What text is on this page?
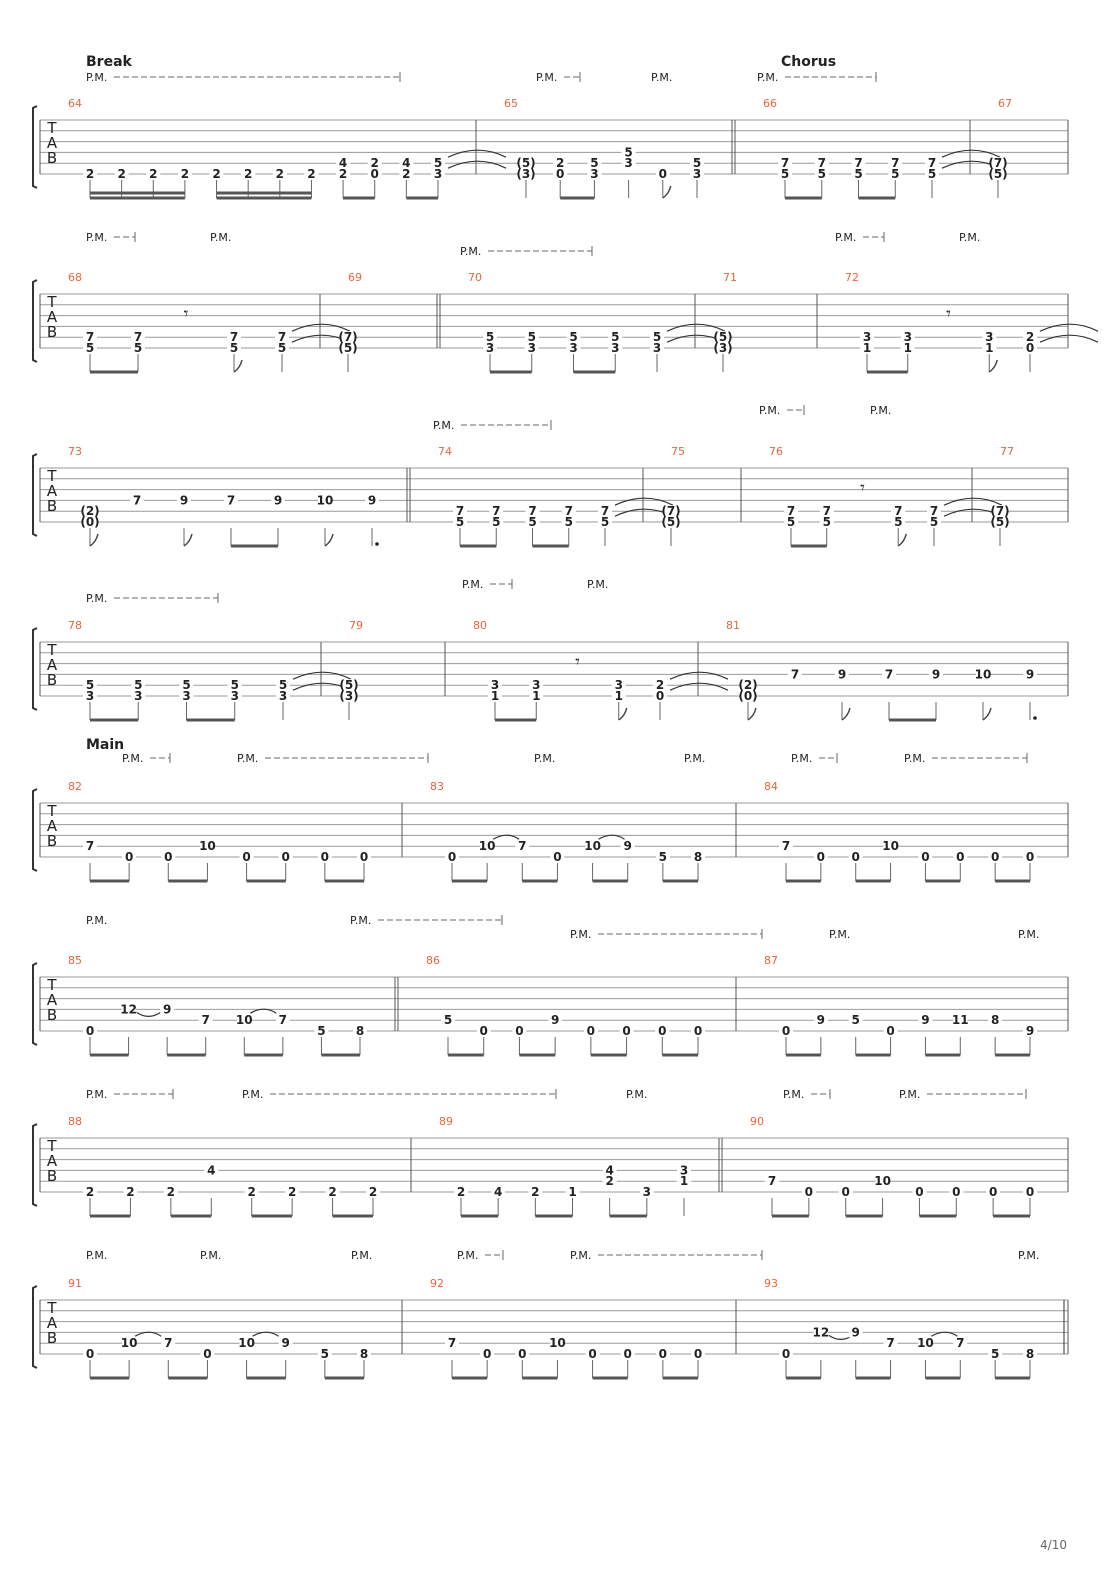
T
A
B
64
Break
2 2 2 2 2 2 2 2
4
2
2
0
4
2
5
3
65
(5)
(3)
2
0
5
3
5
3
0
5
3
66
Chorus
7
5
7
5
7
5
7
5
7
5
67
(7)
(5)
P.M.	P.M.	P.M.	P.M.
T
A
B
68
7
5
7
5
𝄾
7
5
7
5
69
(7)
(5)
70
5
3
5
3
5
3
5
3
5
3
71
(5)
(3)
72
3
1
3
1
𝄾
3
1
2
0
P.M.	P.M.
P.M.
P.M.	P.M.
T
A
B
73
(2)
(0)
7	9	7	9	10	9
74
7
5
7
5
7
5
7
5
7
5
75
(7)
(5)
76
7
5
7
5
𝄾
7
5
7
5
77
(7)
(5)
P.M.
P.M.	P.M.
T
A
B
78
5
3
5
3
5
3
5
3
5
3
79
(5)
(3)
80
3
1
3
1
𝄾
3
1
2
0
81
(2)
(0)
7	9	7	9	10	9
P.M.
P.M.	P.M.
T
A
B
82
Main
7
0	0
10
0	0	0	0
83
0
10 7
0
10 9
5 8
84
7
0 0
10
0 0 0 0
P.M.	P.M.	P.M.	P.M.	P.M.	P.M.
T
A
B
85
0
12 9
7 10 7
5	8
86
5
0 0
9
0 0 0 0
87
0
9 5
0
9 11 8
9
P.M.	P.M.
P.M.	P.M.	P.M.
T
A
B
88
2	2	2
4
2	2	2	2
89
2 4 2 1
4
2
3
3
1
90
7
0 0
10
0 0 0 0
P.M.	P.M.	P.M.	P.M.	P.M.
T
A
B
91
0
10 7
0
10 9
5	8
92
7
0 0
10
0 0 0 0
93
0
12 9
7 10 7
5 8
P.M.	P.M.	P.M.	P.M.	P.M.	P.M.
4/10
